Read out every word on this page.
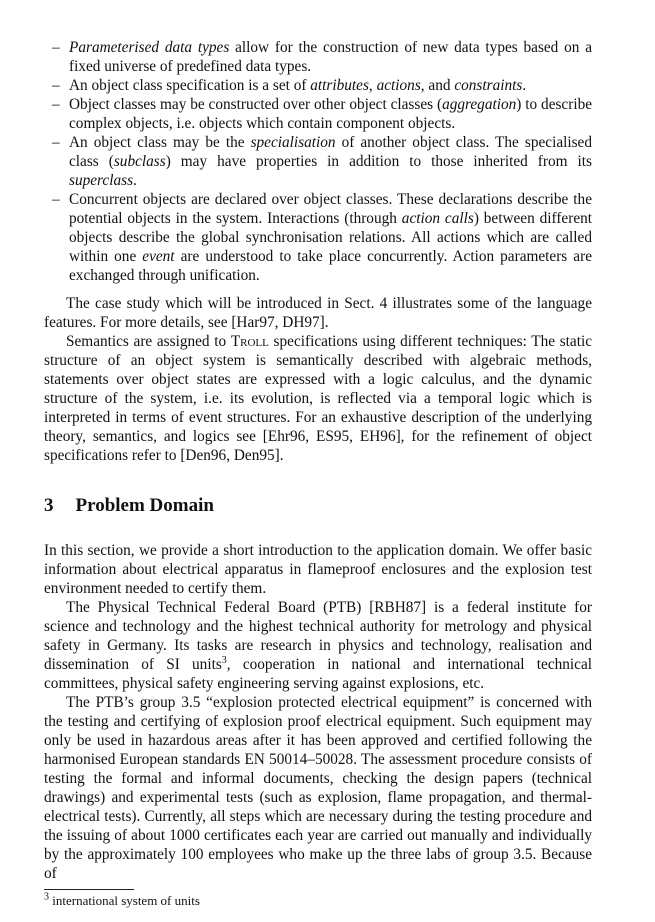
– Parameterised data types allow for the construction of new data types based on a fixed universe of predefined data types.
– An object class specification is a set of attributes, actions, and constraints.
– Object classes may be constructed over other object classes (aggregation) to describe complex objects, i.e. objects which contain component objects.
– An object class may be the specialisation of another object class. The specialised class (subclass) may have properties in addition to those inherited from its superclass.
– Concurrent objects are declared over object classes. These declarations describe the potential objects in the system. Interactions (through action calls) between different objects describe the global synchronisation relations. All actions which are called within one event are understood to take place concurrently. Action parameters are exchanged through unification.

The case study which will be introduced in Sect. 4 illustrates some of the language features. For more details, see [Har97, DH97].

Semantics are assigned to Troll specifications using different techniques: The static structure of an object system is semantically described with algebraic methods, statements over object states are expressed with a logic calculus, and the dynamic structure of the system, i.e. its evolution, is reflected via a temporal logic which is interpreted in terms of event structures. For an exhaustive description of the underlying theory, semantics, and logics see [Ehr96, ES95, EH96], for the refinement of object specifications refer to [Den96, Den95].

3 Problem Domain

In this section, we provide a short introduction to the application domain. We offer basic information about electrical apparatus in flameproof enclosures and the explosion test environment needed to certify them.

The Physical Technical Federal Board (PTB) [RBH87] is a federal institute for science and technology and the highest technical authority for metrology and physical safety in Germany. Its tasks are research in physics and technology, realisation and dissemination of SI units$^3$, cooperation in national and international technical committees, physical safety engineering serving against explosions, etc.

The PTB’s group 3.5 “explosion protected electrical equipment” is concerned with the testing and certifying of explosion proof electrical equipment. Such equipment may only be used in hazardous areas after it has been approved and certified following the harmonised European standards EN 50014–50028. The assessment procedure consists of testing the formal and informal documents, checking the design papers (technical drawings) and experimental tests (such as explosion, flame propagation, and thermal-electrical tests). Currently, all steps which are necessary during the testing procedure and the issuing of about 1000 certificates each year are carried out manually and individually by the approximately 100 employees who make up the three labs of group 3.5. Because of

$^3$ international system of units
